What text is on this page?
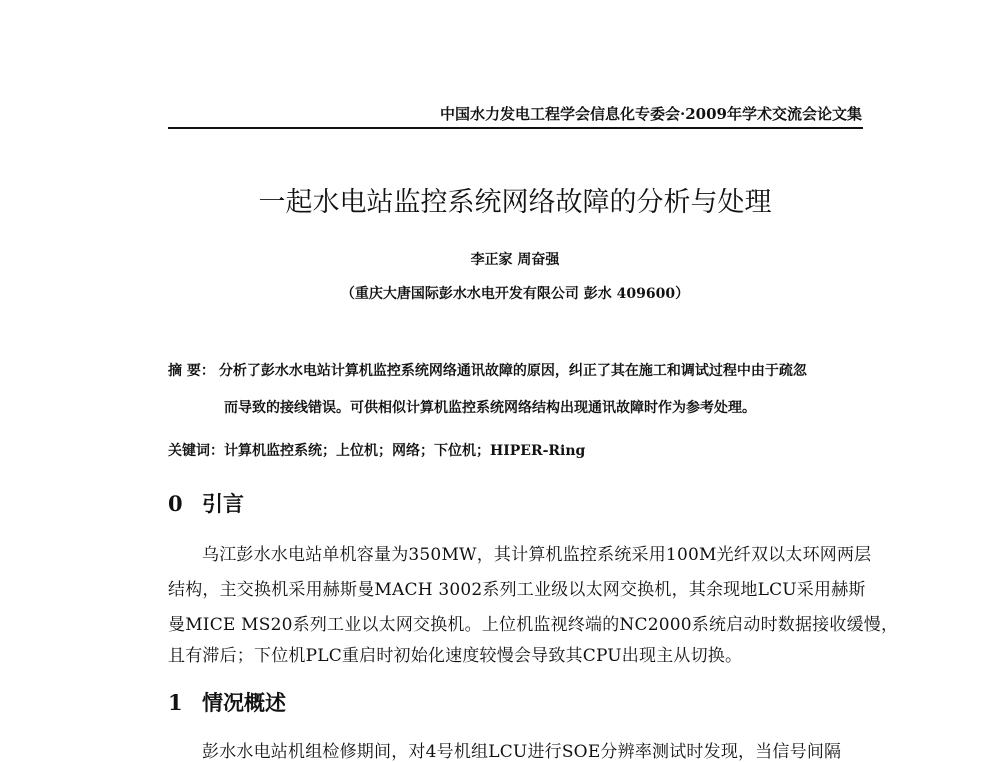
中国水力发电工程学会信息化专委会·2009年学术交流会论文集
一起水电站监控系统网络故障的分析与处理
李正家 周奋强
（重庆大唐国际彭水水电开发有限公司 彭水 409600）
摘 要： 分析了彭水水电站计算机监控系统网络通讯故障的原因，纠正了其在施工和调试过程中由于疏忽
而导致的接线错误。可供相似计算机监控系统网络结构出现通讯故障时作为参考处理。
关键词：计算机监控系统；上位机；网络；下位机；HIPER-Ring
0 引言
乌江彭水水电站单机容量为350MW，其计算机监控系统采用100M光纤双以太环网两层
结构，主交换机采用赫斯曼MACH 3002系列工业级以太网交换机，其余现地LCU采用赫斯
曼MICE MS20系列工业以太网交换机。上位机监视终端的NC2000系统启动时数据接收缓慢，
且有滞后；下位机PLC重启时初始化速度较慢会导致其CPU出现主从切换。
1 情况概述
彭水水电站机组检修期间，对4号机组LCU进行SOE分辨率测试时发现，当信号间隔
